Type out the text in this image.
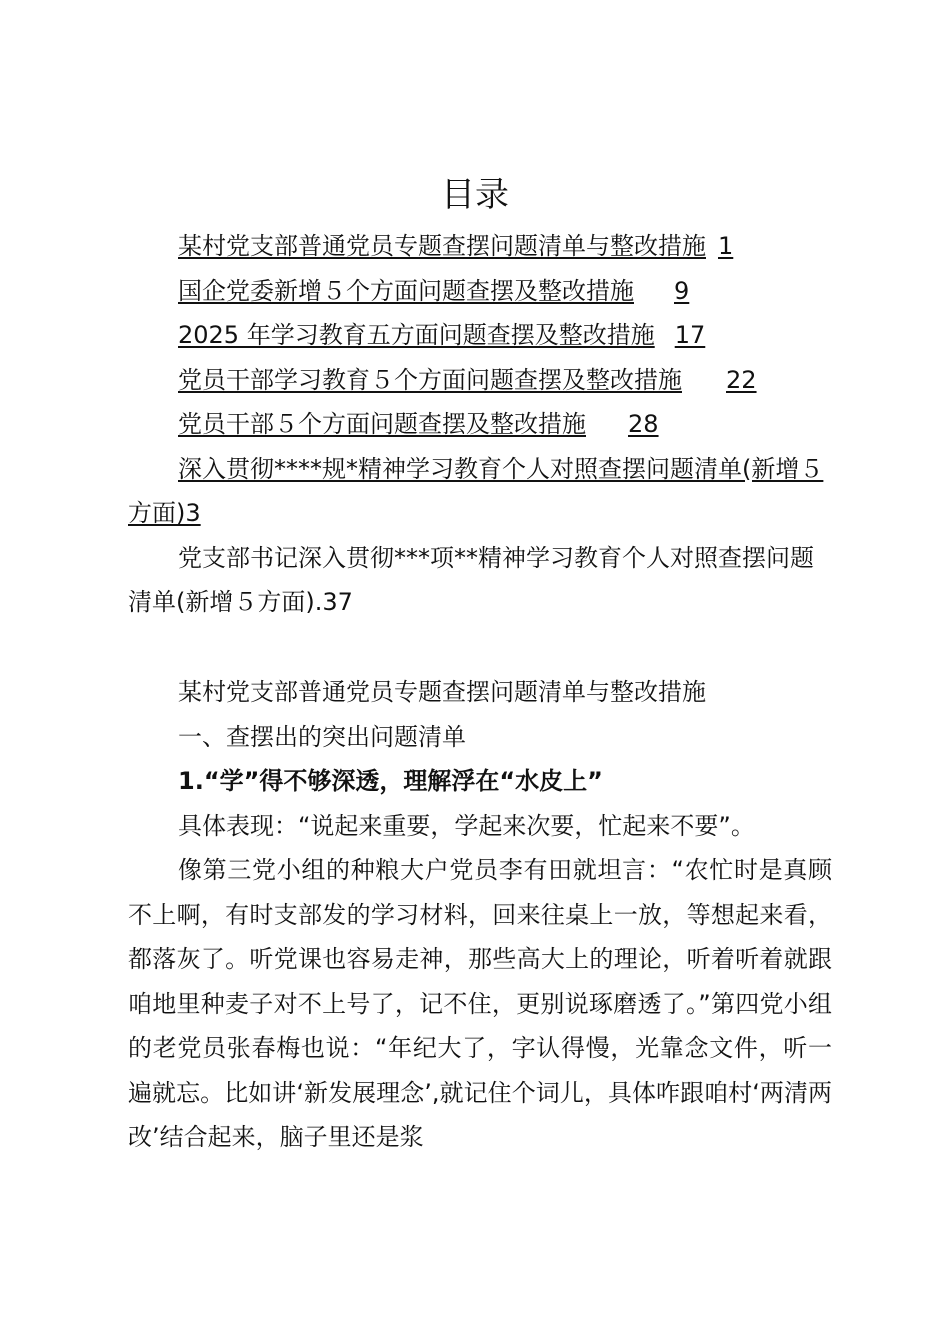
目录
某村党支部普通党员专题查摆问题清单与整改措施 1
国企党委新增５个方面问题查摆及整改措施 9
2025 年学习教育五方面问题查摆及整改措施 17
党员干部学习教育５个方面问题查摆及整改措施 22
党员干部５个方面问题查摆及整改措施 28
深入贯彻****规*精神学习教育个人对照查摆问题清单(新增５方面)3
党支部书记深入贯彻***项**精神学习教育个人对照查摆问题清单(新增５方面).37

某村党支部普通党员专题查摆问题清单与整改措施

一、查摆出的突出问题清单

1.“学”得不够深透，理解浮在“水皮上”

具体表现：“说起来重要，学起来次要，忙起来不要”。

像第三党小组的种粮大户党员李有田就坦言：“农忙时是真顾不上啊，有时支部发的学习材料，回来往桌上一放，等想起来看，都落灰了。听党课也容易走神，那些高大上的理论，听着听着就跟咱地里种麦子对不上号了，记不住，更别说琢磨透了。”第四党小组的老党员张春梅也说：“年纪大了，字认得慢，光靠念文件，听一遍就忘。比如讲‘新发展理念’,就记住个词儿，具体咋跟咱村‘两清两改’结合起来，脑子里还是浆
